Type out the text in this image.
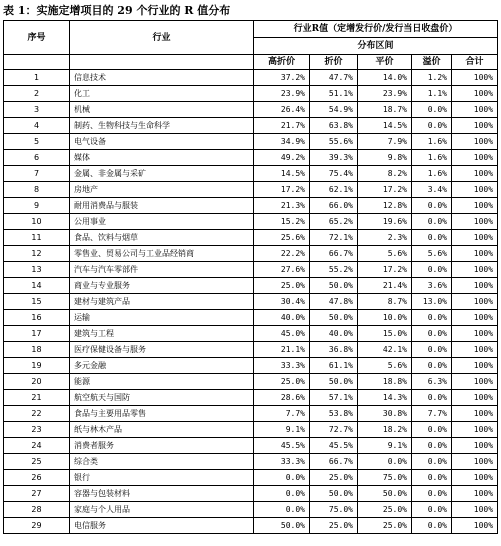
表 1：实施定增项目的 29 个行业的 R 值分布
序号	行业	行业R值（定增发行价/发行当日收盘价）				
		分布区间				
		高折价	折价	平价	溢价	合计
1	信息技术	37.2%	47.7%	14.0%	1.2%	100%
2	化工	23.9%	51.1%	23.9%	1.1%	100%
3	机械	26.4%	54.9%	18.7%	0.0%	100%
4	制药、生物科技与生命科学	21.7%	63.8%	14.5%	0.0%	100%
5	电气设备	34.9%	55.6%	7.9%	1.6%	100%
6	媒体	49.2%	39.3%	9.8%	1.6%	100%
7	金属、非金属与采矿	14.5%	75.4%	8.2%	1.6%	100%
8	房地产	17.2%	62.1%	17.2%	3.4%	100%
9	耐用消费品与服装	21.3%	66.0%	12.8%	0.0%	100%
10	公用事业	15.2%	65.2%	19.6%	0.0%	100%
11	食品、饮料与烟草	25.6%	72.1%	2.3%	0.0%	100%
12	零售业、贸易公司与工业品经销商	22.2%	66.7%	5.6%	5.6%	100%
13	汽车与汽车零部件	27.6%	55.2%	17.2%	0.0%	100%
14	商业与专业服务	25.0%	50.0%	21.4%	3.6%	100%
15	建材与建筑产品	30.4%	47.8%	8.7%	13.0%	100%
16	运输	40.0%	50.0%	10.0%	0.0%	100%
17	建筑与工程	45.0%	40.0%	15.0%	0.0%	100%
18	医疗保健设备与服务	21.1%	36.8%	42.1%	0.0%	100%
19	多元金融	33.3%	61.1%	5.6%	0.0%	100%
20	能源	25.0%	50.0%	18.8%	6.3%	100%
21	航空航天与国防	28.6%	57.1%	14.3%	0.0%	100%
22	食品与主要用品零售	7.7%	53.8%	30.8%	7.7%	100%
23	纸与林木产品	9.1%	72.7%	18.2%	0.0%	100%
24	消费者服务	45.5%	45.5%	9.1%	0.0%	100%
25	综合类	33.3%	66.7%	0.0%	0.0%	100%
26	银行	0.0%	25.0%	75.0%	0.0%	100%
27	容器与包装材料	0.0%	50.0%	50.0%	0.0%	100%
28	家庭与个人用品	0.0%	75.0%	25.0%	0.0%	100%
29	电信服务	50.0%	25.0%	25.0%	0.0%	100%
